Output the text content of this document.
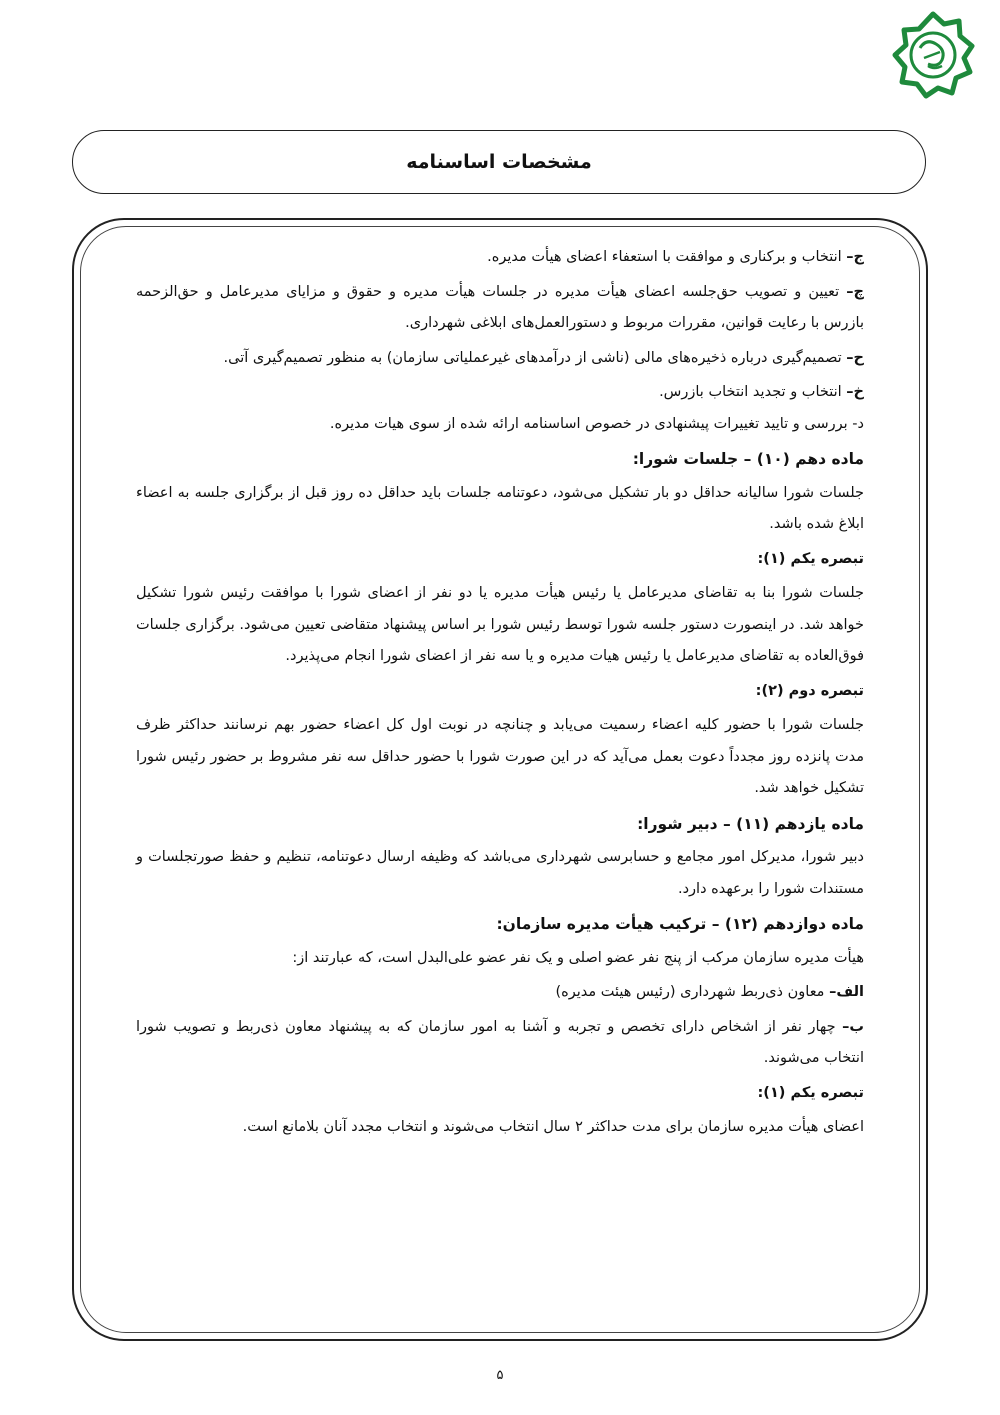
مشخصات اساسنامه

ج– انتخاب و برکناری و موافقت با استعفاء اعضای هیأت مدیره.

چ– تعیین و تصویب حق‌جلسه اعضای هیأت مدیره در جلسات هیأت مدیره و حقوق و مزایای مدیرعامل و حق‌الزحمه بازرس با رعایت قوانین، مقررات مربوط و دستورالعمل‌های ابلاغی شهرداری.

ح– تصمیم‌گیری درباره ذخیره‌های مالی (ناشی از درآمدهای غیرعملیاتی سازمان) به منظور تصمیم‌گیری آتی.

خ– انتخاب و تجدید انتخاب بازرس.

د- بررسی و تایید تغییرات پیشنهادی در خصوص اساسنامه ارائه شده از سوی هیات مدیره.

ماده دهم (۱۰) – جلسات شورا:

جلسات شورا سالیانه حداقل دو بار تشکیل می‌شود، دعوتنامه جلسات باید حداقل ده روز قبل از برگزاری جلسه به اعضاء ابلاغ شده باشد.

تبصره یکم (۱):

جلسات شورا بنا به تقاضای مدیرعامل یا رئیس هیأت مدیره یا دو نفر از اعضای شورا با موافقت رئیس شورا تشکیل خواهد شد. در اینصورت دستور جلسه شورا توسط رئیس شورا بر اساس پیشنهاد متقاضی تعیین می‌شود. برگزاری جلسات فوق‌العاده به تقاضای مدیرعامل یا رئیس هیات مدیره و یا سه نفر از اعضای شورا انجام می‌پذیرد.

تبصره دوم (۲):

جلسات شورا با حضور کلیه اعضاء رسمیت می‌یابد و چنانچه در نوبت اول کل اعضاء حضور بهم نرسانند حداکثر ظرف مدت پانزده روز مجدداً دعوت بعمل می‌آید که در این صورت شورا با حضور حداقل سه نفر مشروط بر حضور رئیس شورا تشکیل خواهد شد.

ماده یازدهم (۱۱) – دبیر شورا:

دبیر شورا، مدیرکل امور مجامع و حسابرسی شهرداری می‌باشد که وظیفه ارسال دعوتنامه، تنظیم و حفظ صورتجلسات و مستندات شورا را برعهده دارد.

ماده دوازدهم (۱۲) – ترکیب هیأت مدیره سازمان:

هیأت مدیره سازمان مرکب از پنج نفر عضو اصلی و یک نفر عضو علی‌البدل است، که عبارتند از:

الف– معاون ذی‌ربط شهرداری (رئیس هیئت مدیره)

ب– چهار نفر از اشخاص دارای تخصص و تجربه و آشنا به امور سازمان که به پیشنهاد معاون ذی‌ربط و تصویب شورا انتخاب می‌شوند.

تبصره یکم (۱):

اعضای هیأت مدیره سازمان برای مدت حداکثر ۲ سال انتخاب می‌شوند و انتخاب مجدد آنان بلامانع است.

۵
